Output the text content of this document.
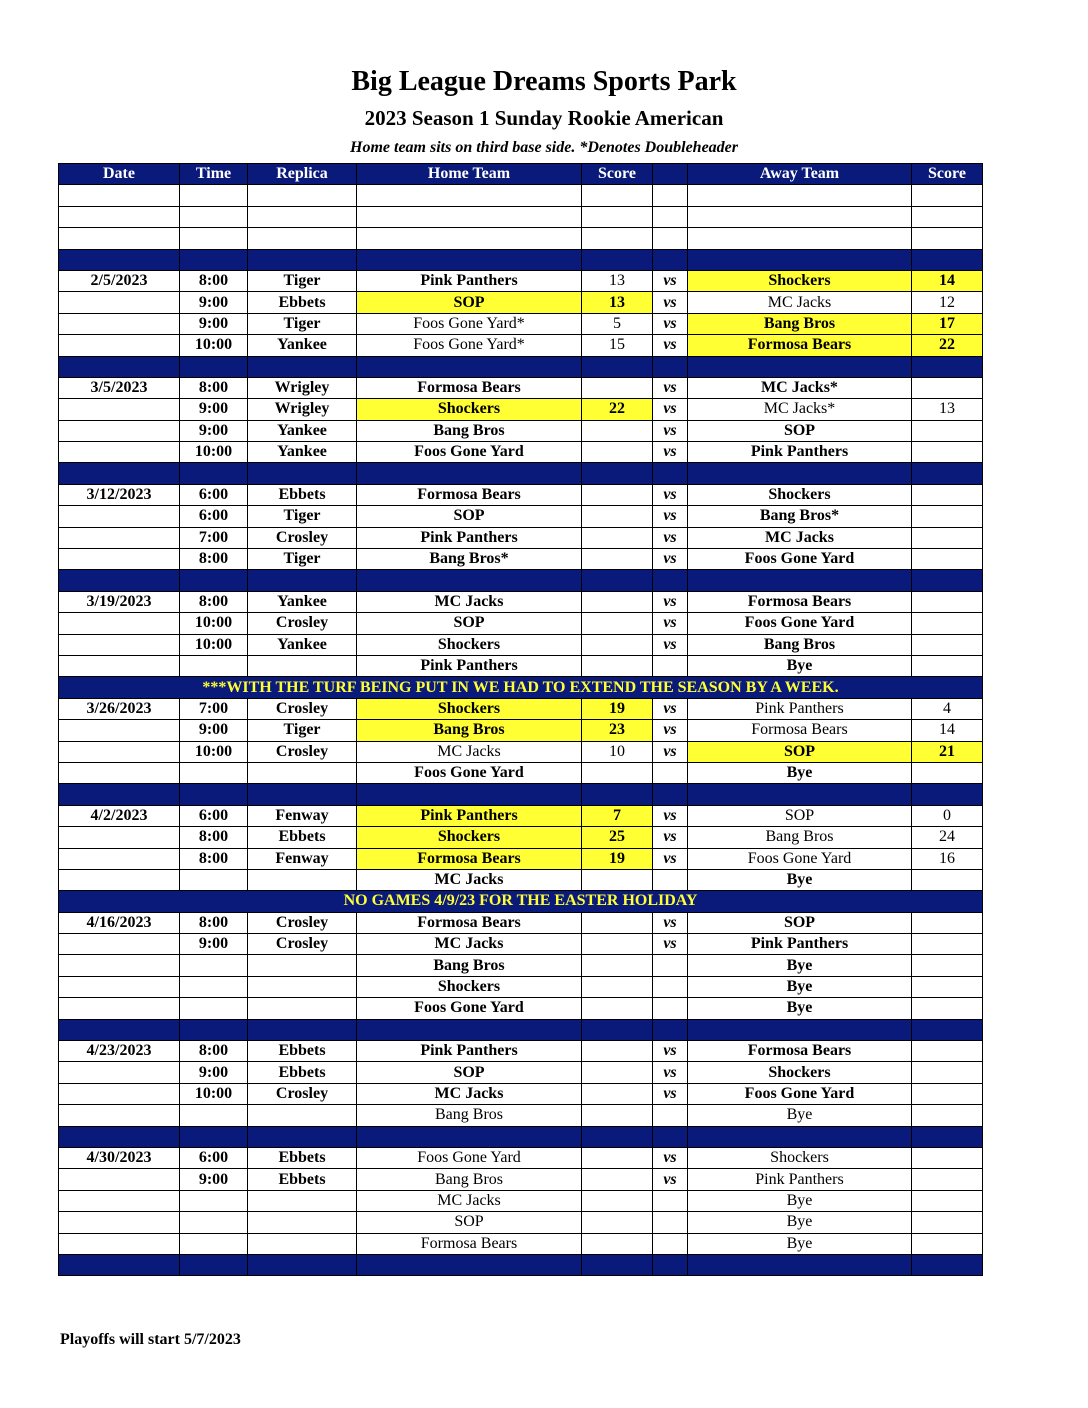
Big League Dreams Sports Park
2023 Season 1 Sunday Rookie American
Home team sits on third base side. *Denotes Doubleheader
Date	Time	Replica	Home Team	Score		Away Team	Score

2/5/2023	8:00	Tiger	Pink Panthers	13	vs	Shockers	14
	9:00	Ebbets	SOP	13	vs	MC Jacks	12
	9:00	Tiger	Foos Gone Yard*	5	vs	Bang Bros	17
	10:00	Yankee	Foos Gone Yard*	15	vs	Formosa Bears	22

3/5/2023	8:00	Wrigley	Formosa Bears		vs	MC Jacks*	
	9:00	Wrigley	Shockers	22	vs	MC Jacks*	13
	9:00	Yankee	Bang Bros		vs	SOP	
	10:00	Yankee	Foos Gone Yard		vs	Pink Panthers	

3/12/2023	6:00	Ebbets	Formosa Bears		vs	Shockers	
	6:00	Tiger	SOP		vs	Bang Bros*	
	7:00	Crosley	Pink Panthers		vs	MC Jacks	
	8:00	Tiger	Bang Bros*		vs	Foos Gone Yard	

3/19/2023	8:00	Yankee	MC Jacks		vs	Formosa Bears	
	10:00	Crosley	SOP		vs	Foos Gone Yard	
	10:00	Yankee	Shockers		vs	Bang Bros	
			Pink Panthers			Bye	
***WITH THE TURF BEING PUT IN WE HAD TO EXTEND THE SEASON BY A WEEK.							
3/26/2023	7:00	Crosley	Shockers	19	vs	Pink Panthers	4
	9:00	Tiger	Bang Bros	23	vs	Formosa Bears	14
	10:00	Crosley	MC Jacks	10	vs	SOP	21
			Foos Gone Yard			Bye	

4/2/2023	6:00	Fenway	Pink Panthers	7	vs	SOP	0
	8:00	Ebbets	Shockers	25	vs	Bang Bros	24
	8:00	Fenway	Formosa Bears	19	vs	Foos Gone Yard	16
			MC Jacks			Bye	
NO GAMES 4/9/23 FOR THE EASTER HOLIDAY							
4/16/2023	8:00	Crosley	Formosa Bears		vs	SOP	
	9:00	Crosley	MC Jacks		vs	Pink Panthers	
			Bang Bros			Bye	
			Shockers			Bye	
			Foos Gone Yard			Bye	

4/23/2023	8:00	Ebbets	Pink Panthers		vs	Formosa Bears	
	9:00	Ebbets	SOP		vs	Shockers	
	10:00	Crosley	MC Jacks		vs	Foos Gone Yard	
			Bang Bros			Bye	

4/30/2023	6:00	Ebbets	Foos Gone Yard		vs	Shockers	
	9:00	Ebbets	Bang Bros		vs	Pink Panthers	
			MC Jacks			Bye	
			SOP			Bye	
			Formosa Bears			Bye	

Playoffs will start 5/7/2023
